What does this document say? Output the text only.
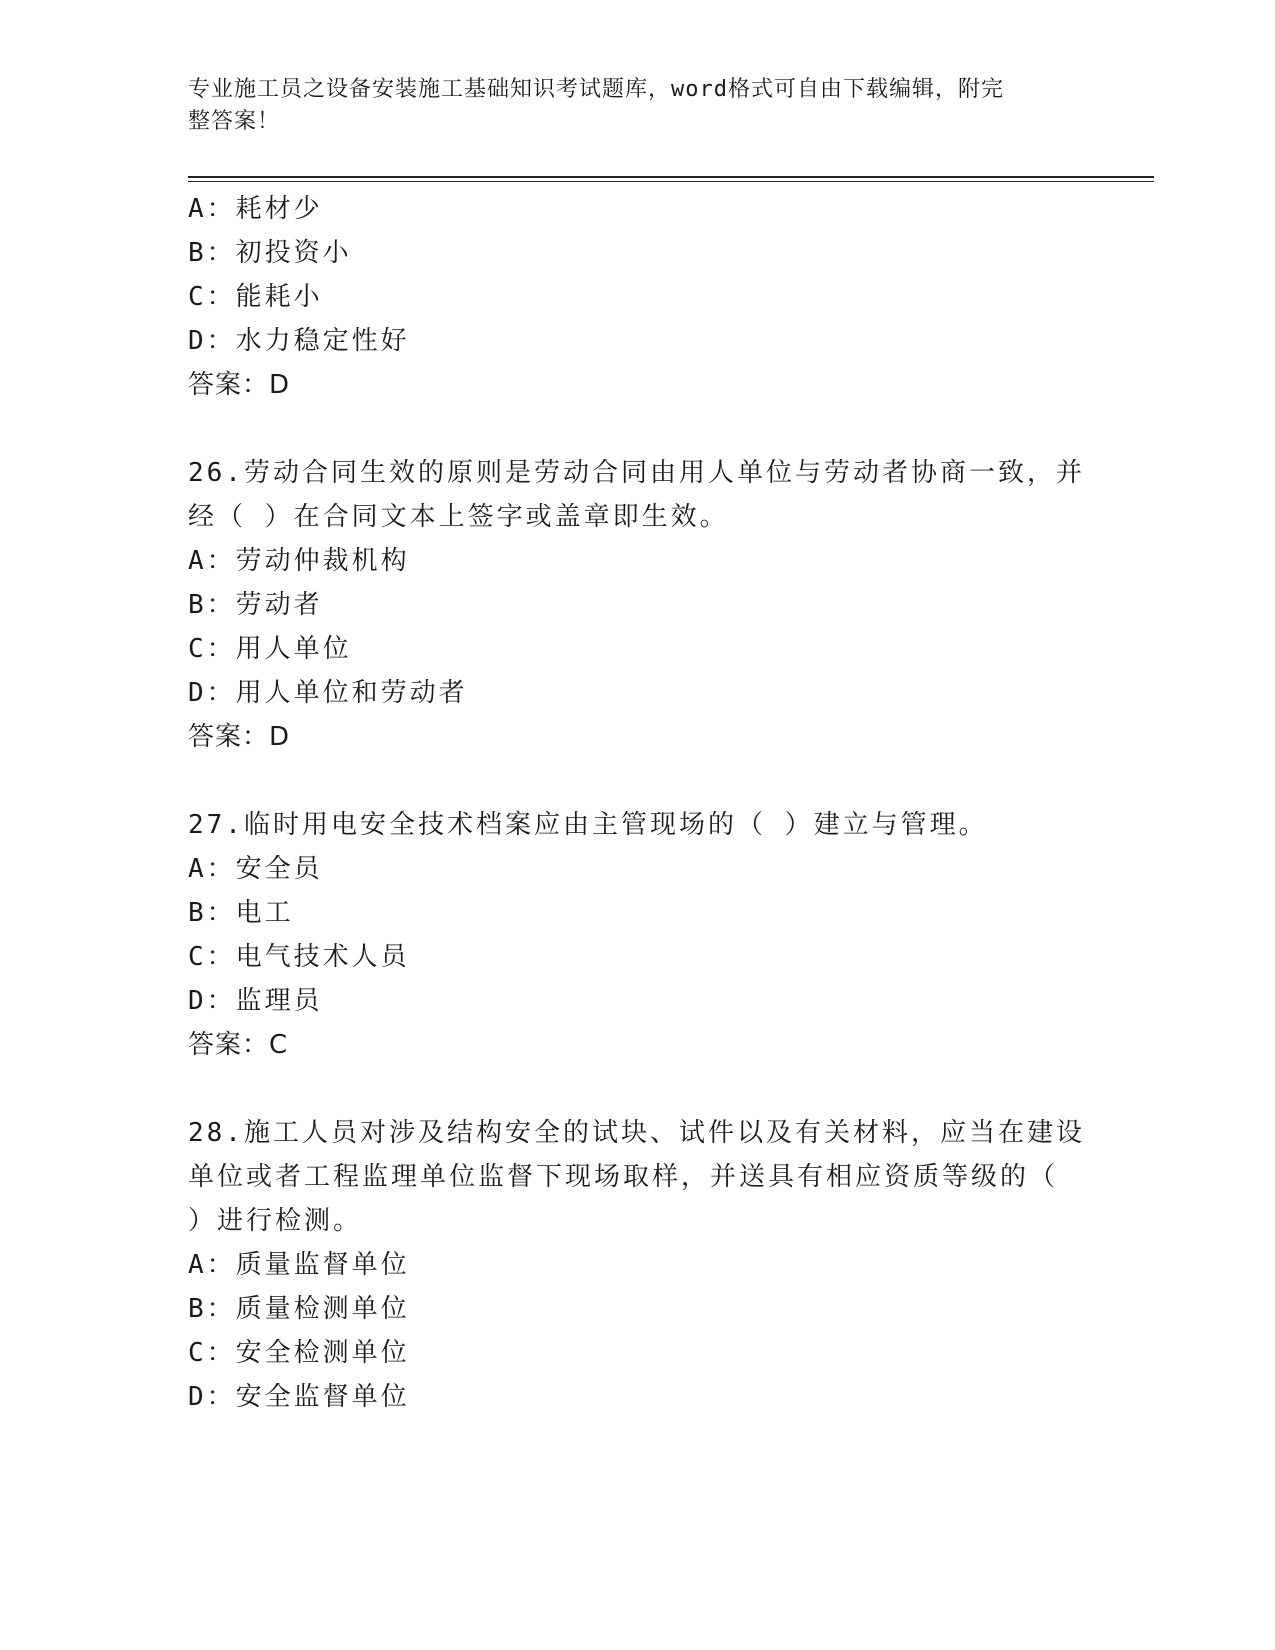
专业施工员之设备安装施工基础知识考试题库，word格式可自由下载编辑，附完
整答案！
A：耗材少
B：初投资小
C：能耗小
D：水力稳定性好
答案：D
26.劳动合同生效的原则是劳动合同由用人单位与劳动者协商一致，并
经（ ）在合同文本上签字或盖章即生效。
A：劳动仲裁机构
B：劳动者
C：用人单位
D：用人单位和劳动者
答案：D
27.临时用电安全技术档案应由主管现场的（ ）建立与管理。
A：安全员
B：电工
C：电气技术人员
D：监理员
答案：C
28.施工人员对涉及结构安全的试块、试件以及有关材料，应当在建设
单位或者工程监理单位监督下现场取样，并送具有相应资质等级的（
）进行检测。
A：质量监督单位
B：质量检测单位
C：安全检测单位
D：安全监督单位
